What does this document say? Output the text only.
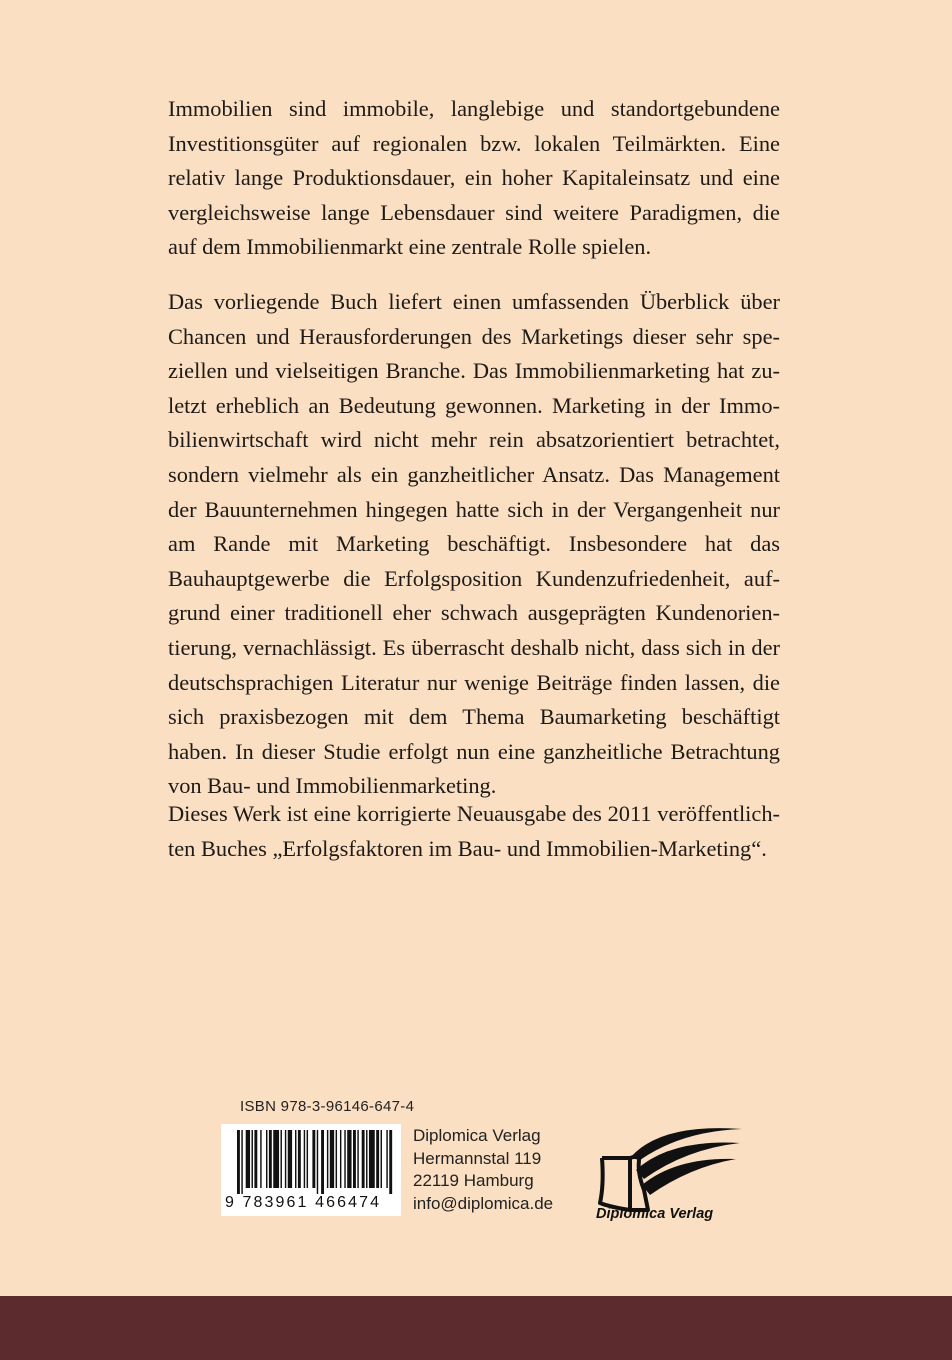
Immobilien sind immobile, langlebige und standortgebundene Investitionsgüter auf regionalen bzw. lokalen Teilmärkten. Eine relativ lange Produktionsdauer, ein hoher Kapitaleinsatz und eine vergleichsweise lange Lebensdauer sind weitere Paradigmen, die auf dem Immobilienmarkt eine zentrale Rolle spielen.

Das vorliegende Buch liefert einen umfassenden Überblick über Chancen und Herausforderungen des Marketings dieser sehr speziellen und vielseitigen Branche. Das Immobilienmarketing hat zuletzt erheblich an Bedeutung gewonnen. Marketing in der Immobilienwirtschaft wird nicht mehr rein absatzorientiert betrachtet, sondern vielmehr als ein ganzheitlicher Ansatz. Das Management der Bauunternehmen hingegen hatte sich in der Vergangenheit nur am Rande mit Marketing beschäftigt. Insbesondere hat das Bauhauptgewerbe die Erfolgsposition Kundenzufriedenheit, aufgrund einer traditionell eher schwach ausgeprägten Kundenorientierung, vernachlässigt. Es überrascht deshalb nicht, dass sich in der deutschsprachigen Literatur nur wenige Beiträge finden lassen, die sich praxisbezogen mit dem Thema Baumarketing beschäftigt haben. In dieser Studie erfolgt nun eine ganzheitliche Betrachtung von Bau- und Immobilienmarketing.

Dieses Werk ist eine korrigierte Neuausgabe des 2011 veröffentlichten Buches „Erfolgsfaktoren im Bau- und Immobilien-Marketing“.

ISBN 978-3-96146-647-4
9 783961 466474
Diplomica Verlag
Hermannstal 119
22119 Hamburg
info@diplomica.de
Diplomica Verlag
